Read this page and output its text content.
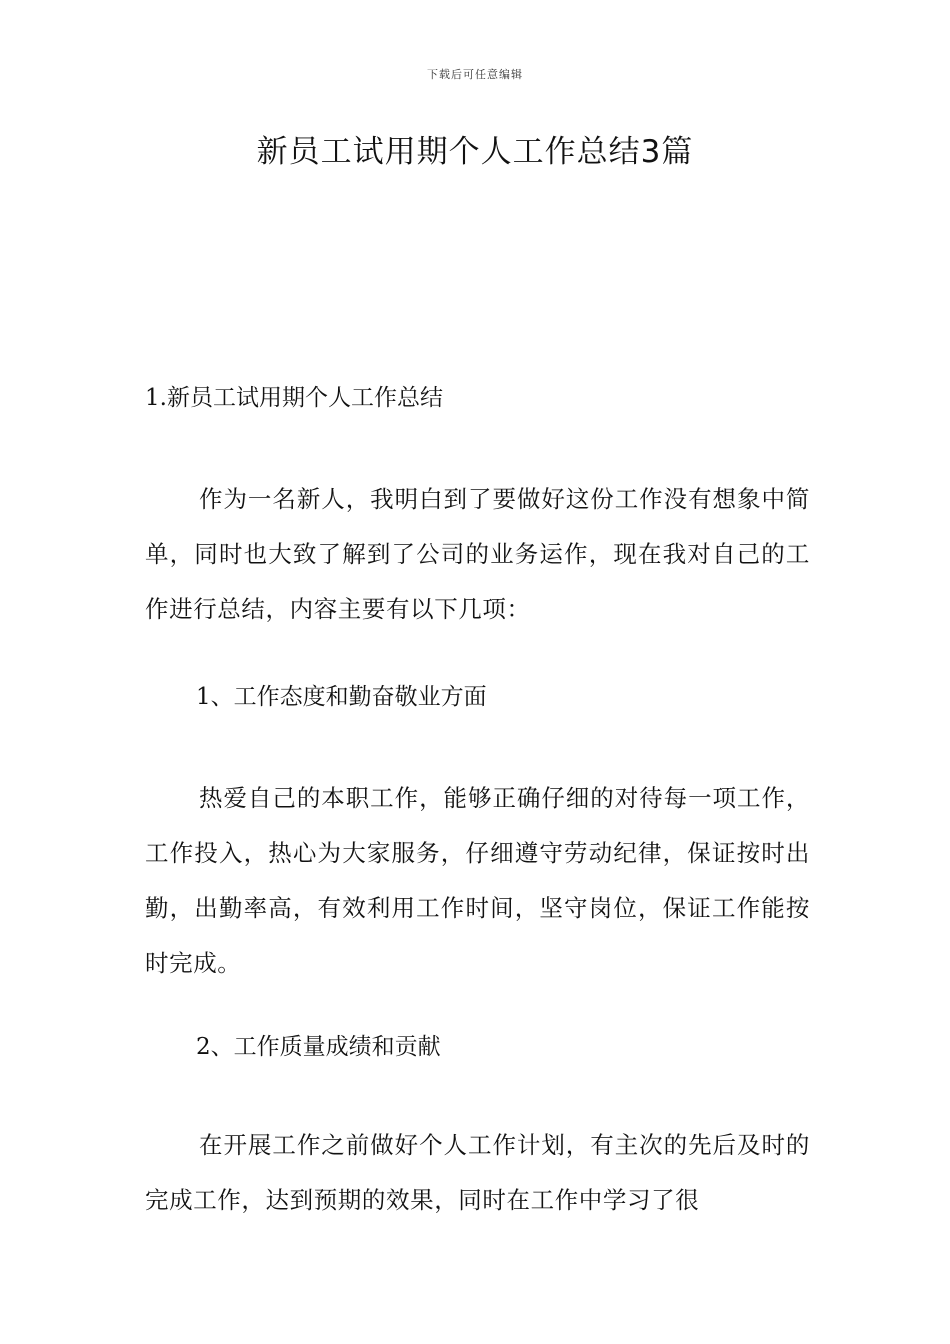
下载后可任意编辑
新员工试用期个人工作总结3篇

1.新员工试用期个人工作总结

作为一名新人，我明白到了要做好这份工作没有想象中简单，同时也大致了解到了公司的业务运作，现在我对自己的工作进行总结，内容主要有以下几项：

1、工作态度和勤奋敬业方面

热爱自己的本职工作，能够正确仔细的对待每一项工作，工作投入，热心为大家服务，仔细遵守劳动纪律，保证按时出勤，出勤率高，有效利用工作时间，坚守岗位，保证工作能按时完成。

2、工作质量成绩和贡献

在开展工作之前做好个人工作计划，有主次的先后及时的完成工作，达到预期的效果，同时在工作中学习了很
